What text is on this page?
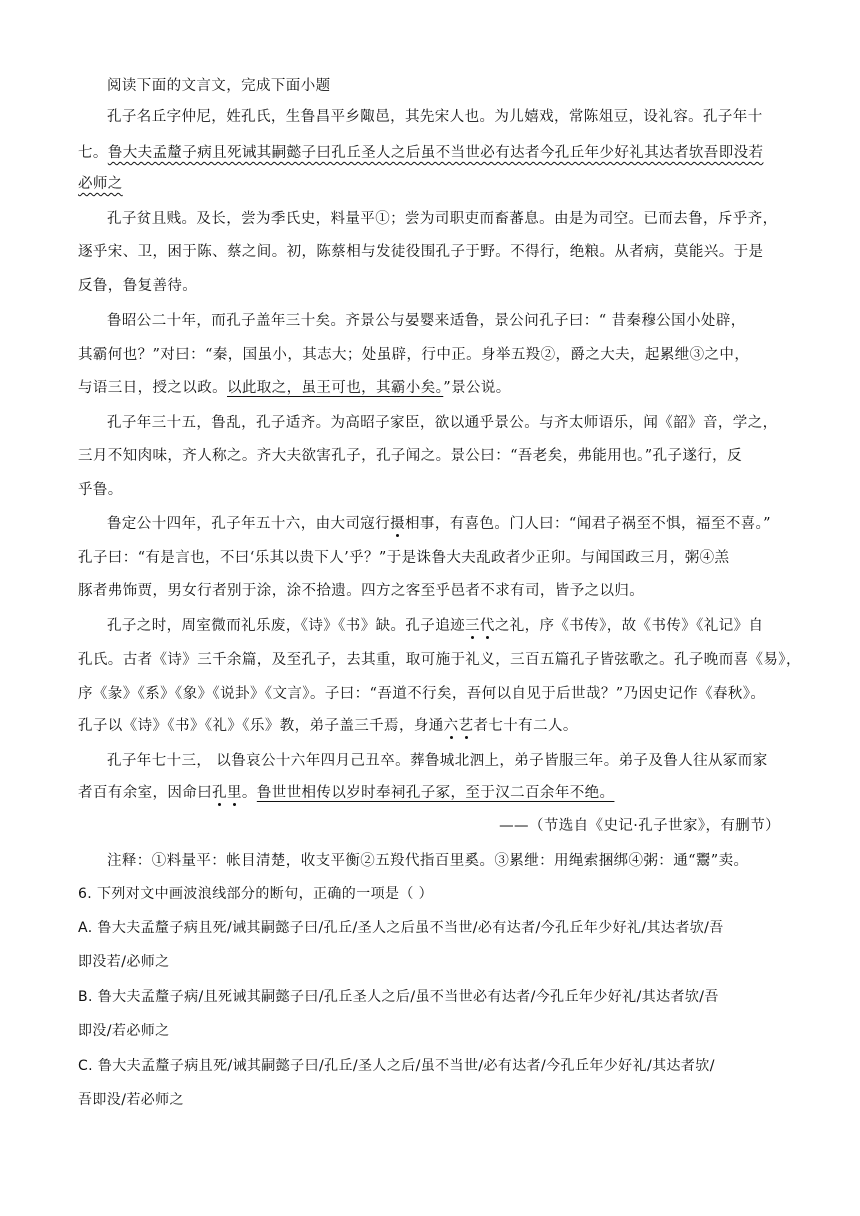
阅读下面的文言文，完成下面小题
孔子名丘字仲尼，姓孔氏，生鲁昌平乡陬邑，其先宋人也。为儿嬉戏，常陈俎豆，设礼容。孔子年十
七。鲁大夫孟釐子病且死诫其嗣懿子曰孔丘圣人之后虽不当世必有达者今孔丘年少好礼其达者欤吾即没若
必师之
孔子贫且贱。及长，尝为季氏史，料量平①；尝为司职吏而畜蕃息。由是为司空。已而去鲁，斥乎齐，
逐乎宋、卫，困于陈、蔡之间。初，陈蔡相与发徒役围孔子于野。不得行，绝粮。从者病，莫能兴。于是
反鲁，鲁复善待。
鲁昭公二十年，而孔子盖年三十矣。齐景公与晏婴来适鲁，景公问孔子曰：“ 昔秦穆公国小处辟，
其霸何也？”对曰：“秦，国虽小，其志大；处虽辟，行中正。身举五羖②，爵之大夫，起累绁③之中，
与语三日，授之以政。以此取之，虽王可也，其霸小矣。”景公说。
孔子年三十五，鲁乱，孔子适齐。为高昭子家臣，欲以通乎景公。与齐太师语乐，闻《韶》音，学之，
三月不知肉味，齐人称之。齐大夫欲害孔子，孔子闻之。景公曰：“吾老矣，弗能用也。”孔子遂行，反
乎鲁。
鲁定公十四年，孔子年五十六，由大司寇行摄相事，有喜色。门人曰：“闻君子祸至不惧，福至不喜。”
孔子曰：“有是言也，不曰‘乐其以贵下人’乎？”于是诛鲁大夫乱政者少正卯。与闻国政三月，粥④羔
豚者弗饰贾，男女行者别于涂，涂不拾遗。四方之客至乎邑者不求有司，皆予之以归。
孔子之时，周室微而礼乐废，《诗》《书》缺。孔子追迹三代之礼，序《书传》，故《书传》《礼记》自
孔氏。古者《诗》三千余篇，及至孔子，去其重，取可施于礼义，三百五篇孔子皆弦歌之。孔子晚而喜《易》，
序《彖》《系》《象》《说卦》《文言》。子曰：“吾道不行矣，吾何以自见于后世哉？”乃因史记作《春秋》。
孔子以《诗》《书》《礼》《乐》教，弟子盖三千焉，身通六艺者七十有二人。
孔子年七十三， 以鲁哀公十六年四月己丑卒。葬鲁城北泗上，弟子皆服三年。弟子及鲁人往从冢而家
者百有余室，因命曰孔里。鲁世世相传以岁时奉祠孔子冢，至于汉二百余年不绝。
——（节选自《史记·孔子世家》，有删节）
注释：①料量平：帐目清楚，收支平衡②五羖代指百里奚。③累绁：用绳索捆绑④粥：通“鬻”卖。
6. 下列对文中画波浪线部分的断句，正确的一项是（ ）
A. 鲁大夫孟釐子病且死/诫其嗣懿子曰/孔丘/圣人之后虽不当世/必有达者/今孔丘年少好礼/其达者欤/吾
即没若/必师之
B. 鲁大夫孟釐子病/且死诫其嗣懿子曰/孔丘圣人之后/虽不当世必有达者/今孔丘年少好礼/其达者欤/吾
即没/若必师之
C. 鲁大夫孟釐子病且死/诫其嗣懿子曰/孔丘/圣人之后/虽不当世/必有达者/今孔丘年少好礼/其达者欤/
吾即没/若必师之
